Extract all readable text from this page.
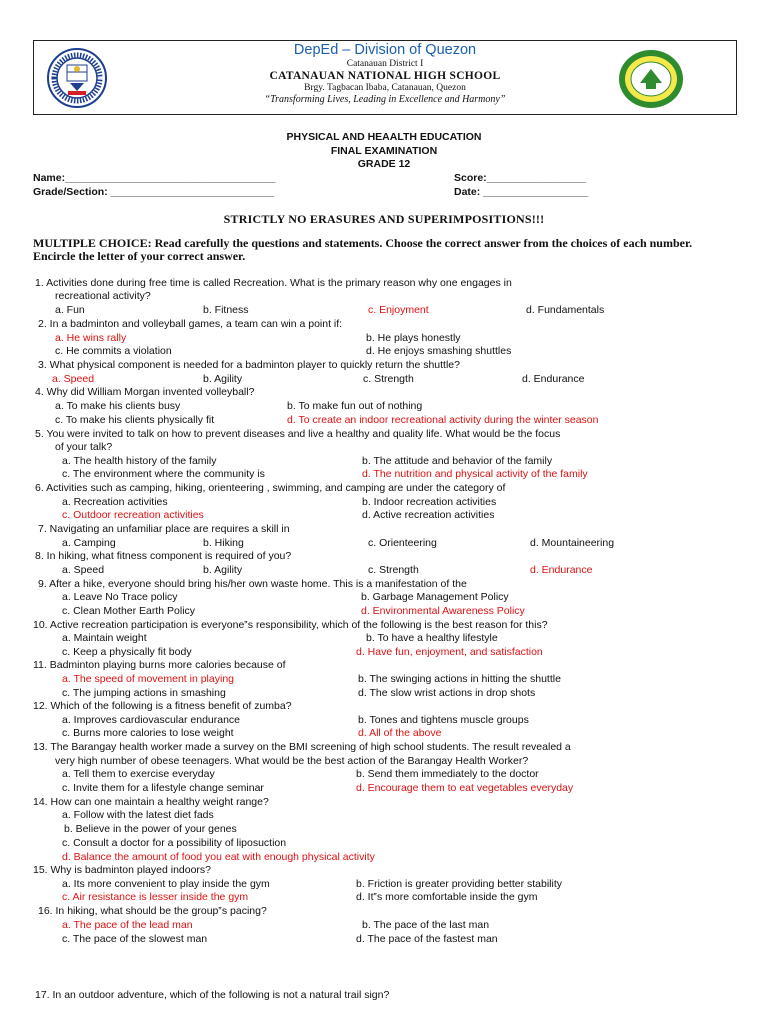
DepEd – Division of Quezon
Catanauan District I
CATANAUAN NATIONAL HIGH SCHOOL
Brgy. Tagbacan Ibaba, Catanauan, Quezon
“Transforming Lives, Leading in Excellence and Harmony”
PHYSICAL AND HEAALTH EDUCATION
FINAL EXAMINATION
GRADE 12
Name:____________________________________	Score:_________________
Grade/Section: ____________________________	Date: __________________
STRICTLY NO ERASURES AND SUPERIMPOSITIONS!!!
MULTIPLE CHOICE: Read carefully the questions and statements. Choose the correct answer from the choices of each number. Encircle the letter of your correct answer.
1. Activities done during free time is called Recreation. What is the primary reason why one engages in
recreational activity?
a. Fun	b. Fitness	c. Enjoyment	d. Fundamentals
2. In a badminton and volleyball games, a team can win a point if:
a. He wins rally	b. He plays honestly
c. He commits a violation	d. He enjoys smashing shuttles
3. What physical component is needed for a badminton player to quickly return the shuttle?
a. Speed	b. Agility	c. Strength	d. Endurance
4. Why did William Morgan invented volleyball?
a. To make his clients busy	b. To make fun out of nothing
c. To make his clients physically fit	d. To create an indoor recreational activity during the winter season
5. You were invited to talk on how to prevent diseases and live a healthy and quality life. What would be the focus
of your talk?
a. The health history of the family	b. The attitude and behavior of the family
c. The environment where the community is	d. The nutrition and physical activity of the family
6. Activities such as camping, hiking, orienteering , swimming, and camping are under the category of
a. Recreation activities	b. Indoor recreation activities
c. Outdoor recreation activities	d. Active recreation activities
7. Navigating an unfamiliar place are requires a skill in
a. Camping	b. Hiking	c. Orienteering	d. Mountaineering
8. In hiking, what fitness component is required of you?
a. Speed	b. Agility	c. Strength	d. Endurance
9. After a hike, everyone should bring his/her own waste home. This is a manifestation of the
a. Leave No Trace policy	b. Garbage Management Policy
c. Clean Mother Earth Policy	d. Environmental Awareness Policy
10. Active recreation participation is everyone‟s responsibility, which of the following is the best reason for this?
a. Maintain weight	b. To have a healthy lifestyle
c. Keep a physically fit body	d. Have fun, enjoyment, and satisfaction
11. Badminton playing burns more calories because of
a. The speed of movement in playing	b. The swinging actions in hitting the shuttle
c. The jumping actions in smashing	d. The slow wrist actions in drop shots
12. Which of the following is a fitness benefit of zumba?
a. Improves cardiovascular endurance	b. Tones and tightens muscle groups
c. Burns more calories to lose weight	d. All of the above
13. The Barangay health worker made a survey on the BMI screening of high school students. The result revealed a
very high number of obese teenagers. What would be the best action of the Barangay Health Worker?
a. Tell them to exercise everyday	b. Send them immediately to the doctor
c. Invite them for a lifestyle change seminar	d. Encourage them to eat vegetables everyday
14. How can one maintain a healthy weight range?
a. Follow with the latest diet fads
b. Believe in the power of your genes
c. Consult a doctor for a possibility of liposuction
d. Balance the amount of food you eat with enough physical activity
15. Why is badminton played indoors?
a. Its more convenient to play inside the gym	b. Friction is greater providing better stability
c. Air resistance is lesser inside the gym	d. It‟s more comfortable inside the gym
16. In hiking, what should be the group‟s pacing?
a. The pace of the lead man	b. The pace of the last man
c. The pace of the slowest man	d. The pace of the fastest man
17. In an outdoor adventure, which of the following is not a natural trail sign?
